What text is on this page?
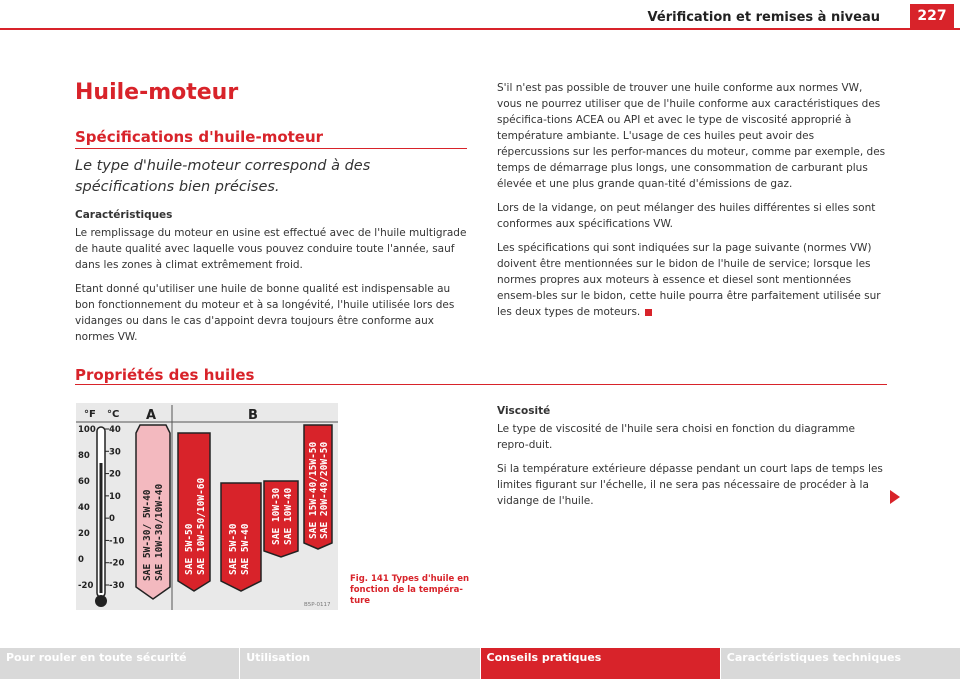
Vérification et remises à niveau	227
Huile-moteur
Spécifications d'huile-moteur
Le type d'huile-moteur correspond à des spécifications bien précises.

Caractéristiques

Le remplissage du moteur en usine est effectué avec de l'huile multigrade de haute qualité avec laquelle vous pouvez conduire toute l'année, sauf dans les zones à climat extrêmement froid.

Etant donné qu'utiliser une huile de bonne qualité est indispensable au bon fonctionnement du moteur et à sa longévité, l'huile utilisée lors des vidanges ou dans le cas d'appoint devra toujours être conforme aux normes VW.

S'il n'est pas possible de trouver une huile conforme aux normes VW, vous ne pourrez utiliser que de l'huile conforme aux caractéristiques des spécifica-tions ACEA ou API et avec le type de viscosité approprié à température ambiante. L'usage de ces huiles peut avoir des répercussions sur les perfor-mances du moteur, comme par exemple, des temps de démarrage plus longs, une consommation de carburant plus élevée et une plus grande quan-tité d'émissions de gaz.

Lors de la vidange, on peut mélanger des huiles différentes si elles sont conformes aux spécifications VW.

Les spécifications qui sont indiquées sur la page suivante (normes VW) doivent être mentionnées sur le bidon de l'huile de service; lorsque les normes propres aux moteurs à essence et diesel sont mentionnées ensem-bles sur le bidon, cette huile pourra être parfaitement utilisée sur les deux types de moteurs.

Propriétés des huiles

Viscosité

Le type de viscosité de l'huile sera choisi en fonction du diagramme repro-duit.

Si la température extérieure dépasse pendant un court laps de temps les limites figurant sur l'échelle, il ne sera pas nécessaire de procéder à la vidange de l'huile.

°F °C A	B
100
80
60
40
20
0
-20
40
30
20
10
0
-10
-20
-30
SAE 5W-30/ 5W-40 SAE 10W-30/10W-40 SAE 5W-50 SAE 10W-50/10W-60 SAE 5W-30 SAE 5W-40
SAE 10W-30 SAE 10W-40 SAE 15W-40/15W-50 SAE 20W-40/20W-50
B5P-0117
Fig. 141 Types d'huile en fonction de la tempéra-ture
Pour rouler en toute sécurité	Utilisation	Conseils pratiques	Caractéristiques techniques
